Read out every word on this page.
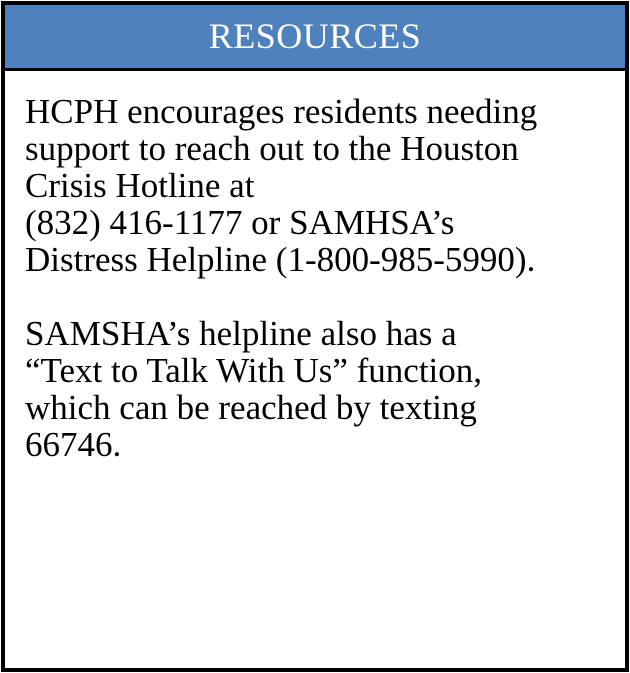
RESOURCES

HCPH encourages residents needing
support to reach out to the Houston
Crisis Hotline at
(832) 416-1177 or SAMHSA’s
Distress Helpline (1-800-985-5990).

SAMSHA’s helpline also has a
“Text to Talk With Us” function,
which can be reached by texting
66746.
